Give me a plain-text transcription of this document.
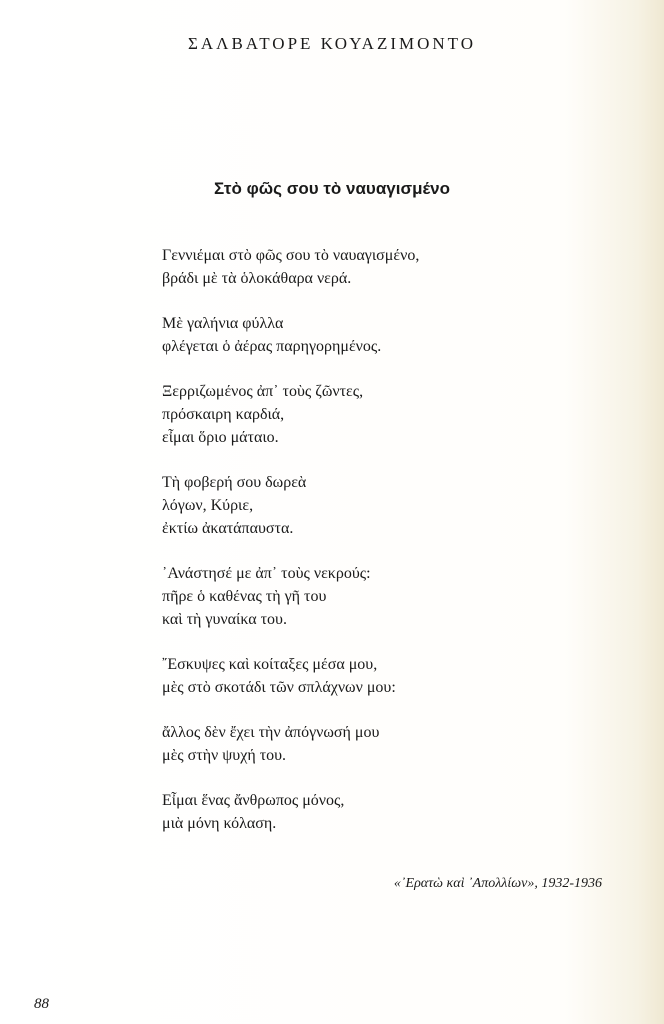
ΣΑΛΒΑΤΟΡΕ ΚΟΥΑΖΙΜΟΝΤΟ
Στὸ φῶς σου τὸ ναυαγισμένο
Γεννιέμαι στὸ φῶς σου τὸ ναυαγισμένο,
βράδι μὲ τὰ ὁλοκάθαρα νερά.
Μὲ γαλήνια φύλλα
φλέγεται ὁ ἀέρας παρηγορημένος.
Ξερριζωμένος ἀπ᾿ τοὺς ζῶντες,
πρόσκαιρη καρδιά,
εἶμαι ὅριο μάταιο.
Τὴ φοβερή σου δωρεὰ
λόγων, Κύριε,
ἐκτίω ἀκατάπαυστα.
᾿Ανάστησέ με ἀπ᾿ τοὺς νεκρούς:
πῆρε ὁ καθένας τὴ γῆ του
καὶ τὴ γυναίκα του.
῎Εσκυψες καὶ κοίταξες μέσα μου,
μὲς στὸ σκοτάδι τῶν σπλάχνων μου:
ἄλλος δὲν ἔχει τὴν ἀπόγνωσή μου
μὲς στὴν ψυχή του.
Εἶμαι ἕνας ἄνθρωπος μόνος,
μιὰ μόνη κόλαση.
«᾿Ερατὼ καὶ ᾿Απολλίων», 1932-1936
88
